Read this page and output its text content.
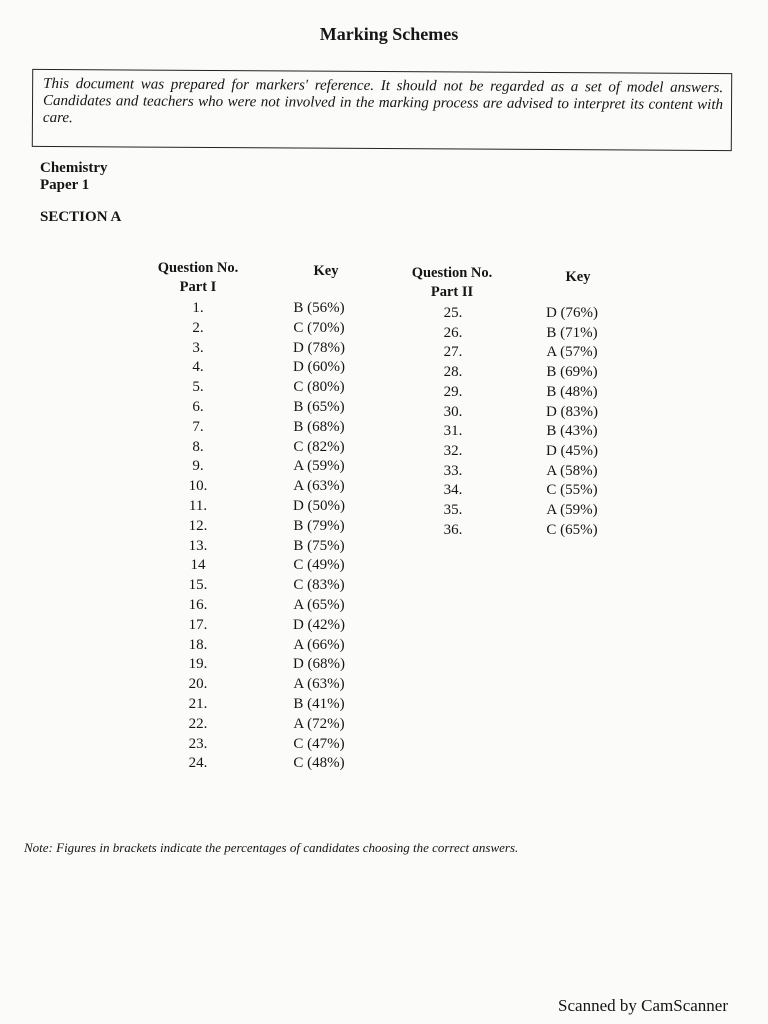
Marking Schemes
This document was prepared for markers' reference. It should not be regarded as a set of model answers. Candidates and teachers who were not involved in the marking process are advised to interpret its content with care.
Chemistry
Paper 1
SECTION A
Question No.
Part I
Key
1.	B (56%)
2.	C (70%)
3.	D (78%)
4.	D (60%)
5.	C (80%)
6.	B (65%)
7.	B (68%)
8.	C (82%)
9.	A (59%)
10.	A (63%)
11.	D (50%)
12.	B (79%)
13.	B (75%)
14	C (49%)
15.	C (83%)
16.	A (65%)
17.	D (42%)
18.	A (66%)
19.	D (68%)
20.	A (63%)
21.	B (41%)
22.	A (72%)
23.	C (47%)
24.	C (48%)
Question No.
Part II
Key
25.	D (76%)
26.	B (71%)
27.	A (57%)
28.	B (69%)
29.	B (48%)
30.	D (83%)
31.	B (43%)
32.	D (45%)
33.	A (58%)
34.	C (55%)
35.	A (59%)
36.	C (65%)
Note: Figures in brackets indicate the percentages of candidates choosing the correct answers.
Scanned by CamScanner
